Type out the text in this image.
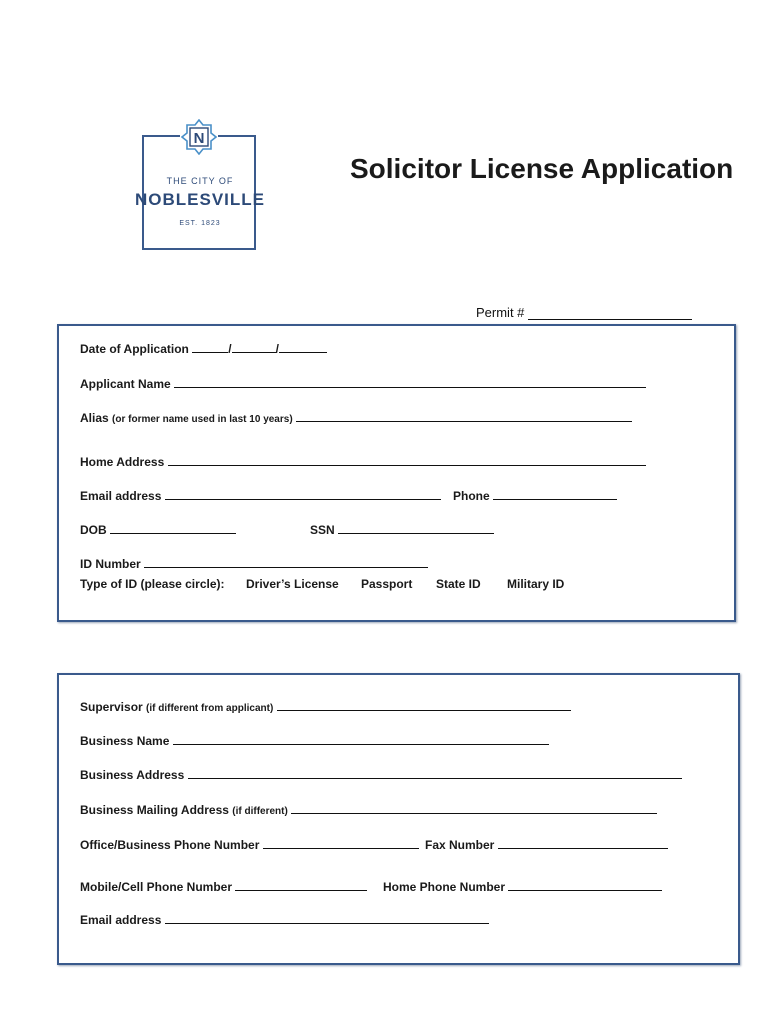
N
THE CITY OF
NOBLESVILLE
EST. 1823
Solicitor License Application
Permit #
Date of Application	/	/
Applicant Name
Alias (or former name used in last 10 years)
Home Address
Email address	Phone
DOB	SSN
ID Number
Type of ID (please circle): Driver’s License Passport State ID Military ID
Supervisor (if different from applicant)
Business Name
Business Address
Business Mailing Address (if different)
Office/Business Phone Number	Fax Number
Mobile/Cell Phone Number	Home Phone Number
Email address
